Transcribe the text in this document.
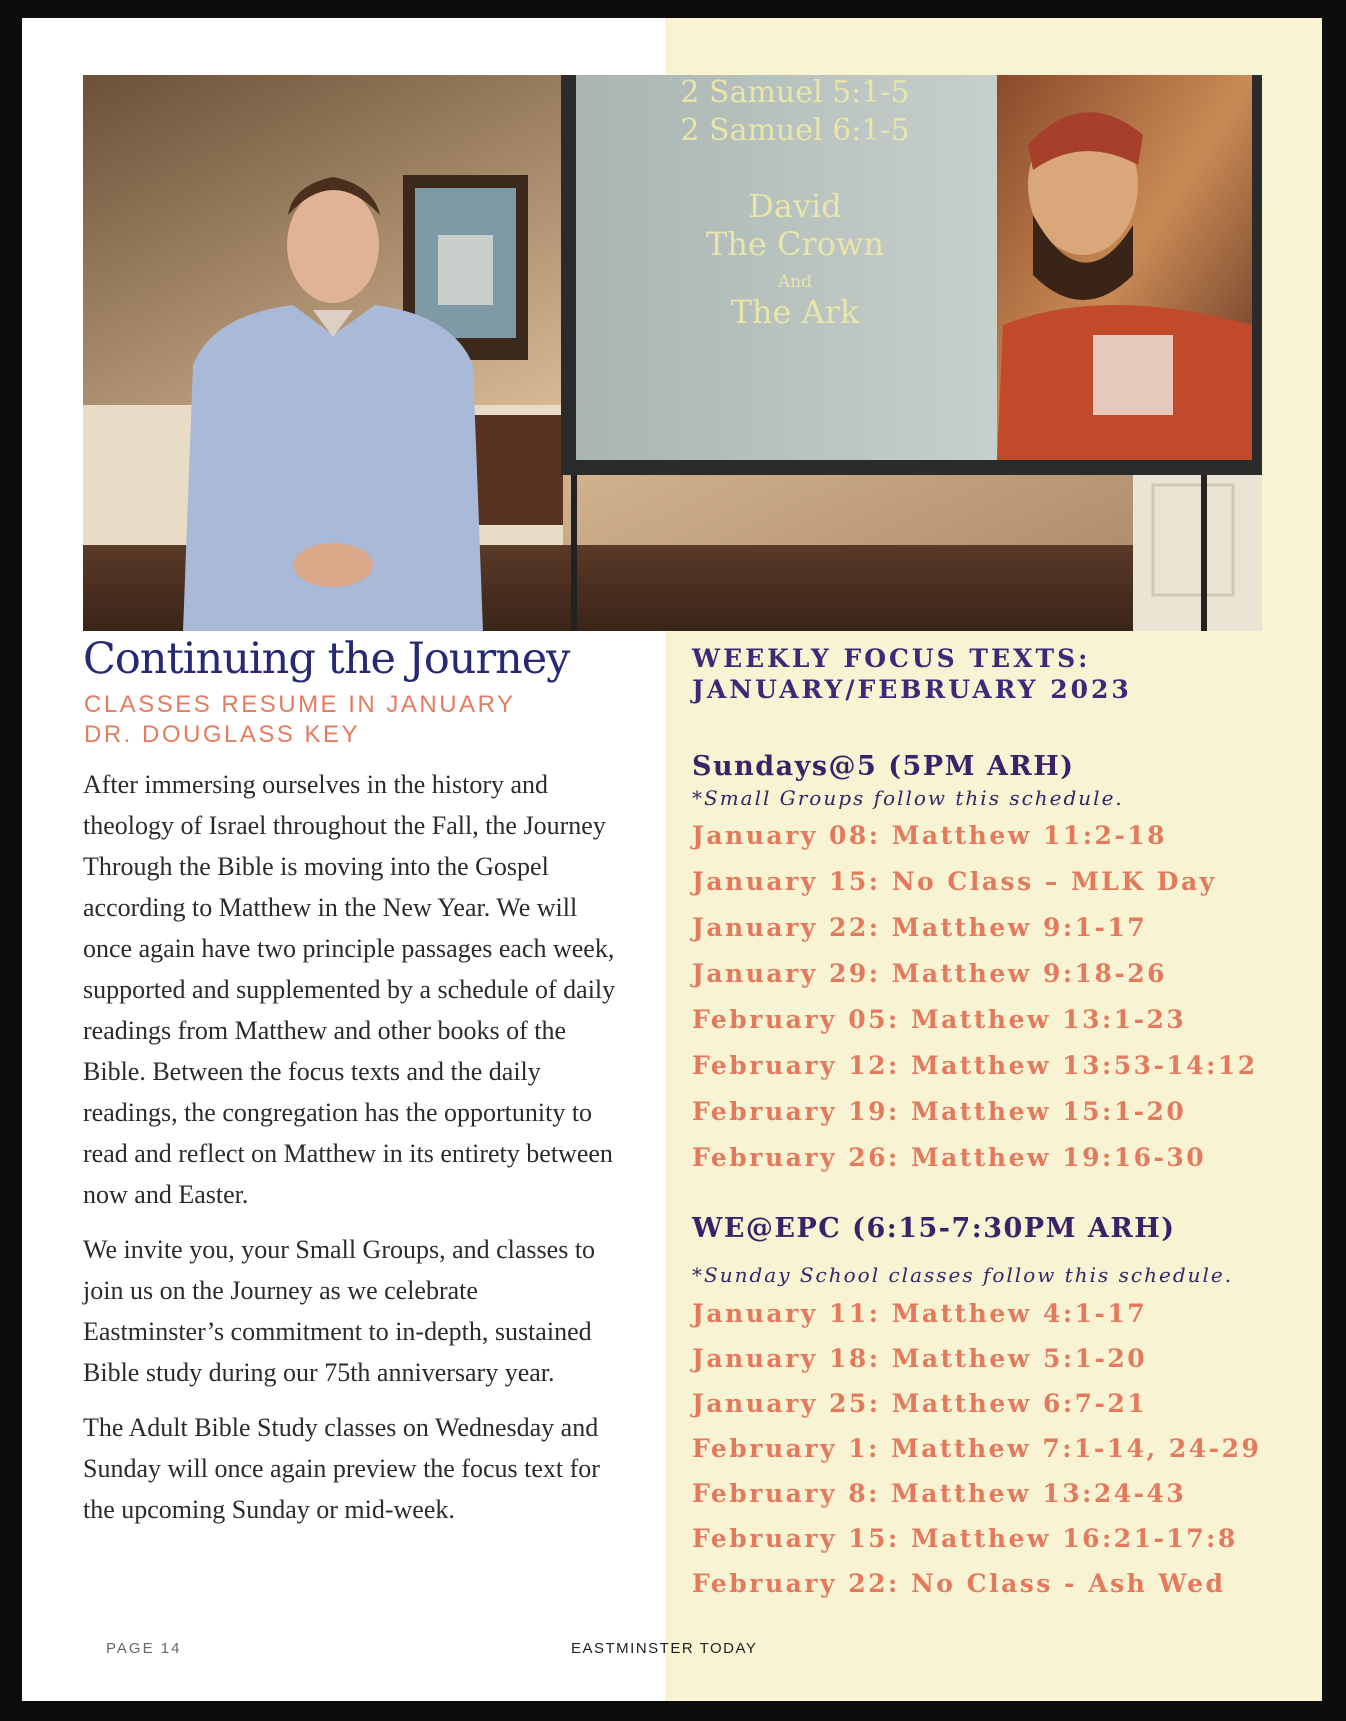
2 Samuel 5:1-5
2 Samuel 6:1-5
David
The Crown
And
The Ark
Continuing the Journey
CLASSES RESUME IN JANUARY
DR. DOUGLASS KEY

After immersing ourselves in the history and theology of Israel throughout the Fall, the Journey Through the Bible is moving into the Gospel according to Matthew in the New Year. We will once again have two principle passages each week, supported and supplemented by a schedule of daily readings from Matthew and other books of the Bible. Between the focus texts and the daily readings, the congregation has the opportunity to read and reflect on Matthew in its entirety between now and Easter.

We invite you, your Small Groups, and classes to join us on the Journey as we celebrate Eastminster’s commitment to in-depth, sustained Bible study during our 75th anniversary year.

The Adult Bible Study classes on Wednesday and Sunday will once again preview the focus text for the upcoming Sunday or mid-week.

WEEKLY FOCUS TEXTS:
JANUARY/FEBRUARY 2023
Sundays@5 (5PM ARH)
*Small Groups follow this schedule.
January 08: Matthew 11:2-18
January 15: No Class – MLK Day
January 22: Matthew 9:1-17
January 29: Matthew 9:18-26
February 05: Matthew 13:1-23
February 12: Matthew 13:53-14:12
February 19: Matthew 15:1-20
February 26: Matthew 19:16-30
WE@EPC (6:15-7:30PM ARH)
*Sunday School classes follow this schedule.
January 11: Matthew 4:1-17
January 18: Matthew 5:1-20
January 25: Matthew 6:7-21
February 1: Matthew 7:1-14, 24-29
February 8: Matthew 13:24-43
February 15: Matthew 16:21-17:8
February 22: No Class - Ash Wed
PAGE 14	EASTMINSTER TODAY
